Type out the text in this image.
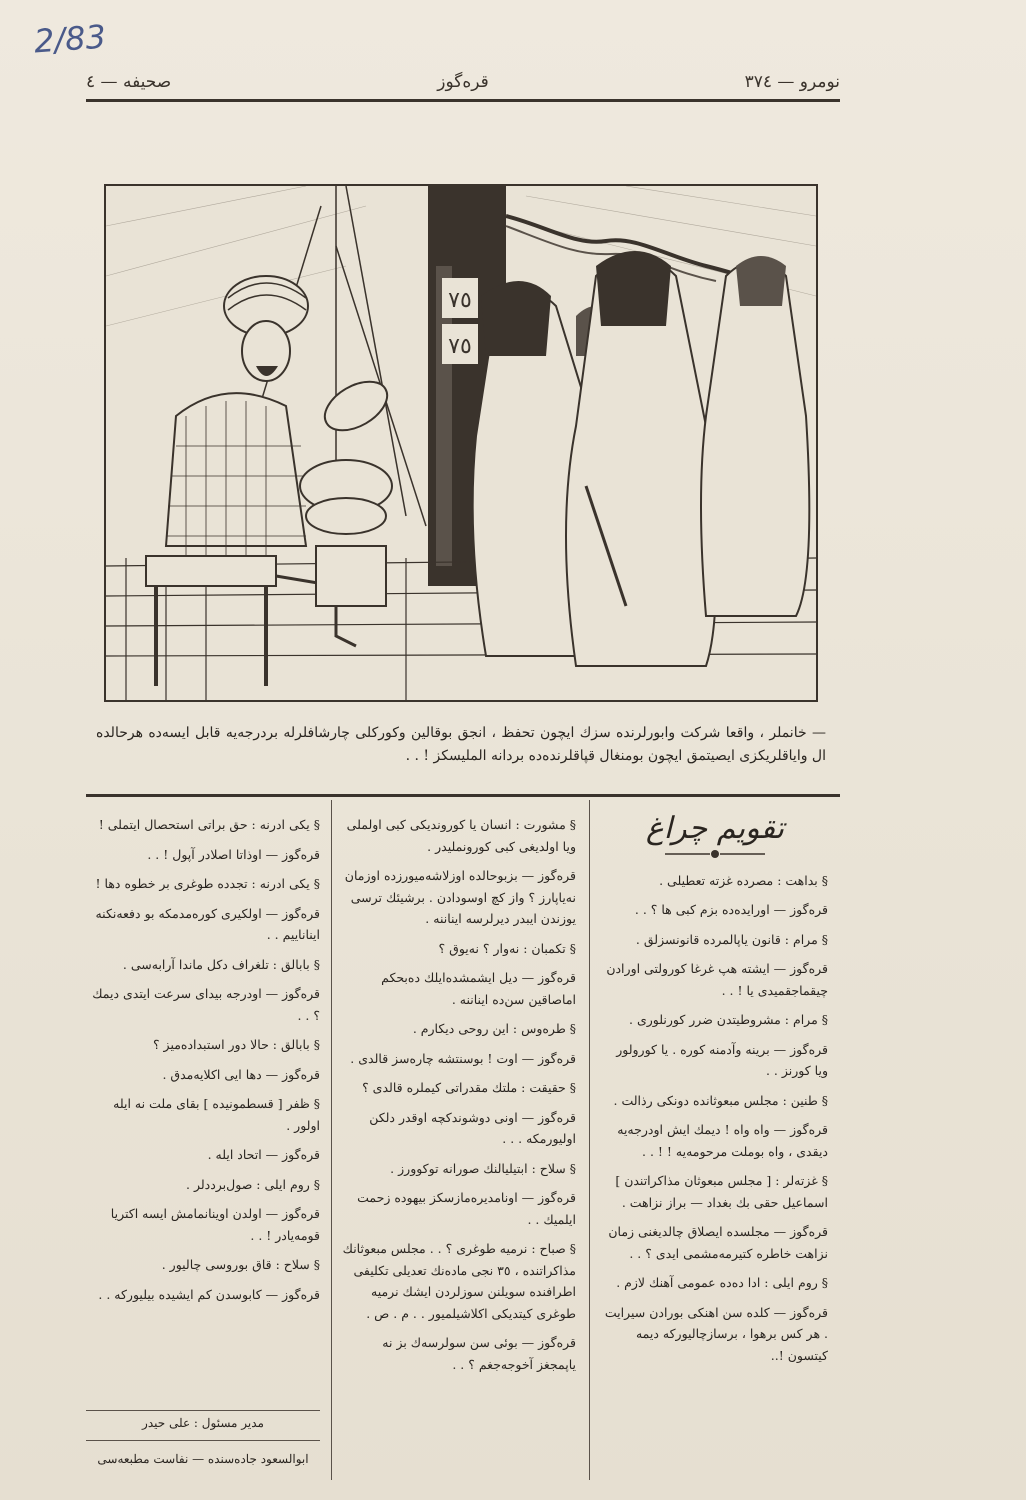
2/83
نومرو — ٣٧٤
قره‌گوز
صحیفه — ٤
٧٥
٧٥
— خانملر ، واقعا شرکت وابورلرنده سزك ایچون تحفظ ، انجق بوقالین وکورکلی چارشافلرله بردرجه‌یه قابل ایسه‌ده هرحالده ال وایاقلریکزی ایصیتمق ایچون بومنغال قپاقلرنده‌ده بردانه الملیسکز ! . .
تقویم چراغ

§ بداهت : مصرده غزته تعطیلی .

قره‌گوز — اورایده‌ده بزم کبی ها ؟ . .

§ مرام : قانون یاپالمرده قانونسزلق .

قره‌گوز — ایشته هپ غرغا کورولتی اورادن چیقماجقمیدی یا ! . .

§ مرام : مشروطیتدن ضرر کورنلوری .

قره‌گوز — برینه وآدمنه کوره . یا کورولور ویا کورنز . .

§ طنین : مجلس مبعوثانده دونکی رذالت .

قره‌گوز — واه واه ! دیمك ایش اودرجه‌یه دیقدی ، واه بوملت مرحومه‌یه ! ! . .

§ غزته‌لر : [ مجلس مبعوثان مذاکراتندن ] اسماعیل حقی بك بغداد — براز نزاهت .

قره‌گوز — مجلسده ایصلاق چالدیغنی زمان نزاهت خاطره کتیرمه‌مشمی ایدی ؟ . .

§ روم ایلی : ادا ده‌ده عمومی آهنك لازم .

قره‌گوز — کلده سن اهنکی بورادن سیرایت . هر کس برهوا ، برسازچالیورکه دیمه کیتسون !..

§ مشورت : انسان یا کوروندیکی کبی اولملی ویا اولدیغی کبی کورونملیدر .

قره‌گوز — بزبوحالده اوزلاشه‌میورزده اوزمان نه‌یاپارز ؟ واز کچ اوسودادن . برشیئك ترسی یوزندن ایبدر دیرلرسه ایناننه .

§ تکمبان : نه‌وار ؟ نه‌یوق ؟

قره‌گوز — دیل ایشمشده‌ایلك ده‌بحکم اماصاقین سن‌ده ایناننه .

§ طره‌وس : این روحی دیکارم .

قره‌گوز — اوت ! بوسنتشه چاره‌سز قالدی .

§ حقیقت : ملتك مقدراتی کیملره قالدی ؟

قره‌گوز — اونی دوشوندکچه اوقدر دلکن اولیورمکه . . .

§ سلاح : ابتیلیالنك صورانه توکوورز .

قره‌گوز — اونامدیره‌مازسکز بیهوده زحمت ایلمیك . .

§ صباح : نرمیه طوغری ؟ . . مجلس مبعوثانك مذاکراتنده ، ٣٥ نجی ماده‌نك تعدیلی تکلیفی اطرافنده سویلنن سوزلردن ایشك نرمیه طوغری کیتدیکی اکلاشیلمیور . . م . ص .

قره‌گوز — بوئی سن سولرسه‌ك بز نه یاپمجغز آخوجه‌جغم ؟ . .

§ یکی ادرنه : حق براتی استحصال ایتملی !

قره‌گوز — اوذاتا اصلادر آپول ! . .

§ یکی ادرنه : تجدده طوغری بر خطوه دها !

قره‌گوز — اولکیری کوره‌مدمکه بو دفعه‌نکنه ایناناییم . .

§ بابالق : تلغراف دکل ماندا آرابه‌سی .

قره‌گوز — اودرجه بیدای سرعت ایتدی دیمك ؟ . .

§ بابالق : حالا دور استبداده‌میز ؟

قره‌گوز — دها ایی اکلایه‌مدق .

§ ظفر [ قسطمونیده ] بقای ملت نه ایله اولور .

قره‌گوز — اتحاد ایله .

§ روم ایلی : صول‌برددلر .

قره‌گوز — اولدن اوینانمامش ایسه اکتریا قومه‌یادر ! . .

§ سلاح : قاق بوروسی چالیور .

قره‌گوز — کابوسدن کم ایشیده بیلیورکه . .

مدیر مسئول : علی حیدر
ابوالسعود جاده‌سنده — نفاست مطبعه‌سی
